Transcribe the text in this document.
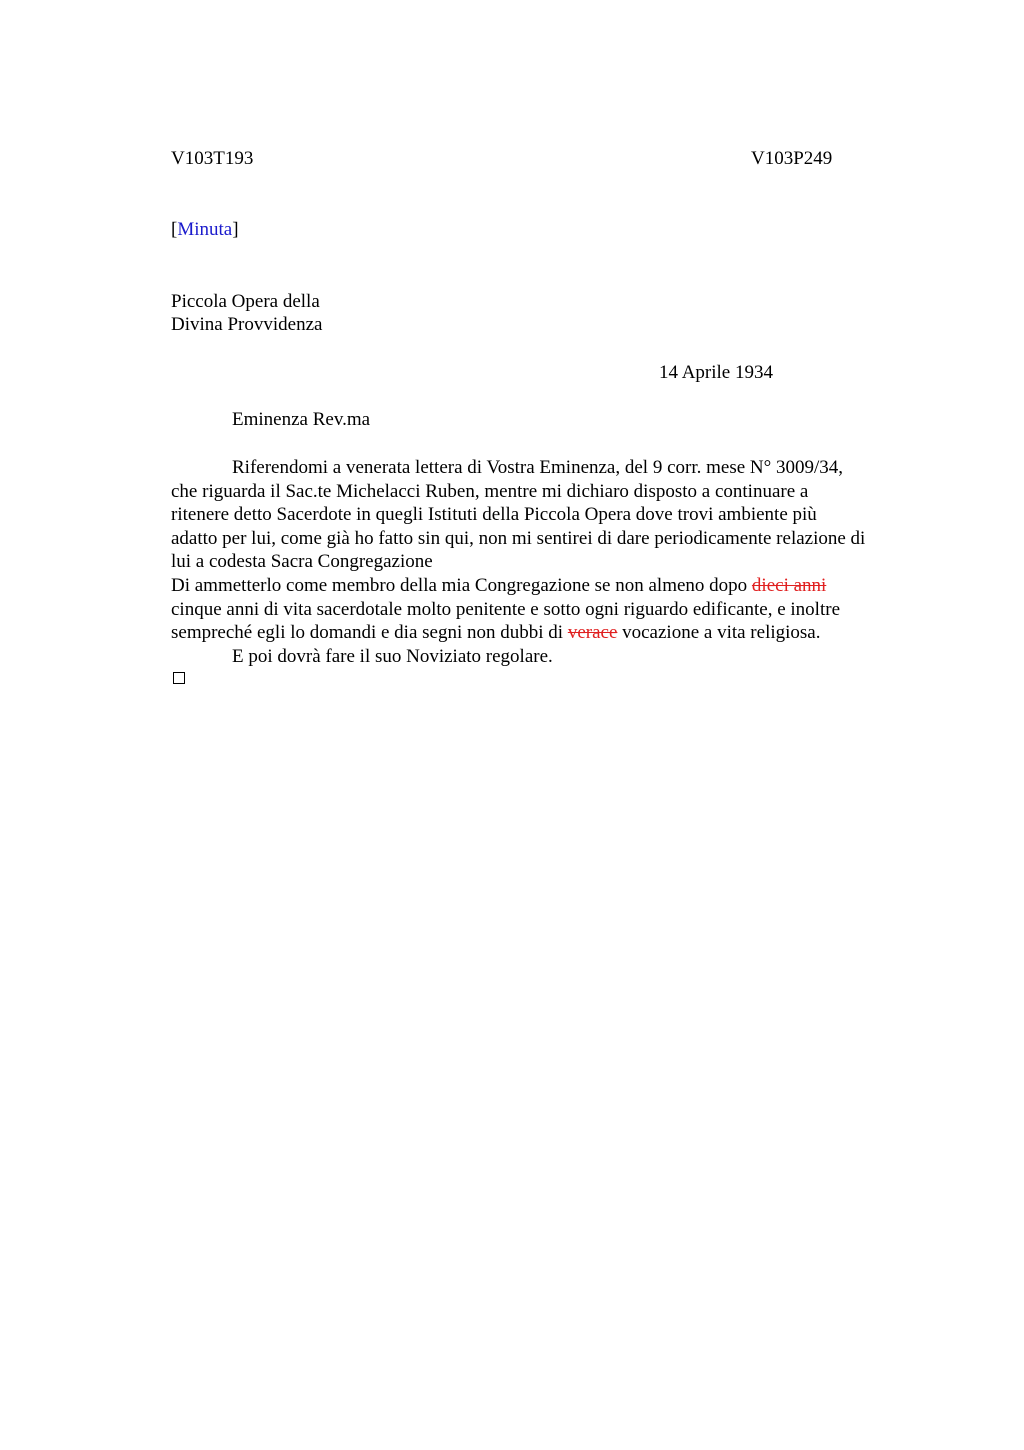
V103T193	V103P249
[Minuta]
Piccola Opera della
Divina Provvidenza
14 Aprile 1934
Eminenza Rev.ma

Riferendomi a venerata lettera di Vostra Eminenza, del 9 corr. mese N° 3009/34,
che riguarda il Sac.te Michelacci Ruben, mentre mi dichiaro disposto a continuare a
ritenere detto Sacerdote in quegli Istituti della Piccola Opera dove trovi ambiente più
adatto per lui, come già ho fatto sin qui, non mi sentirei di dare periodicamente relazione di
lui a codesta Sacra Congregazione

Di ammetterlo come membro della mia Congregazione se non almeno dopo dieci anni
cinque anni di vita sacerdotale molto penitente e sotto ogni riguardo edificante, e inoltre
sempreché egli lo domandi e dia segni non dubbi di verace vocazione a vita religiosa.

E poi dovrà fare il suo Noviziato regolare.
